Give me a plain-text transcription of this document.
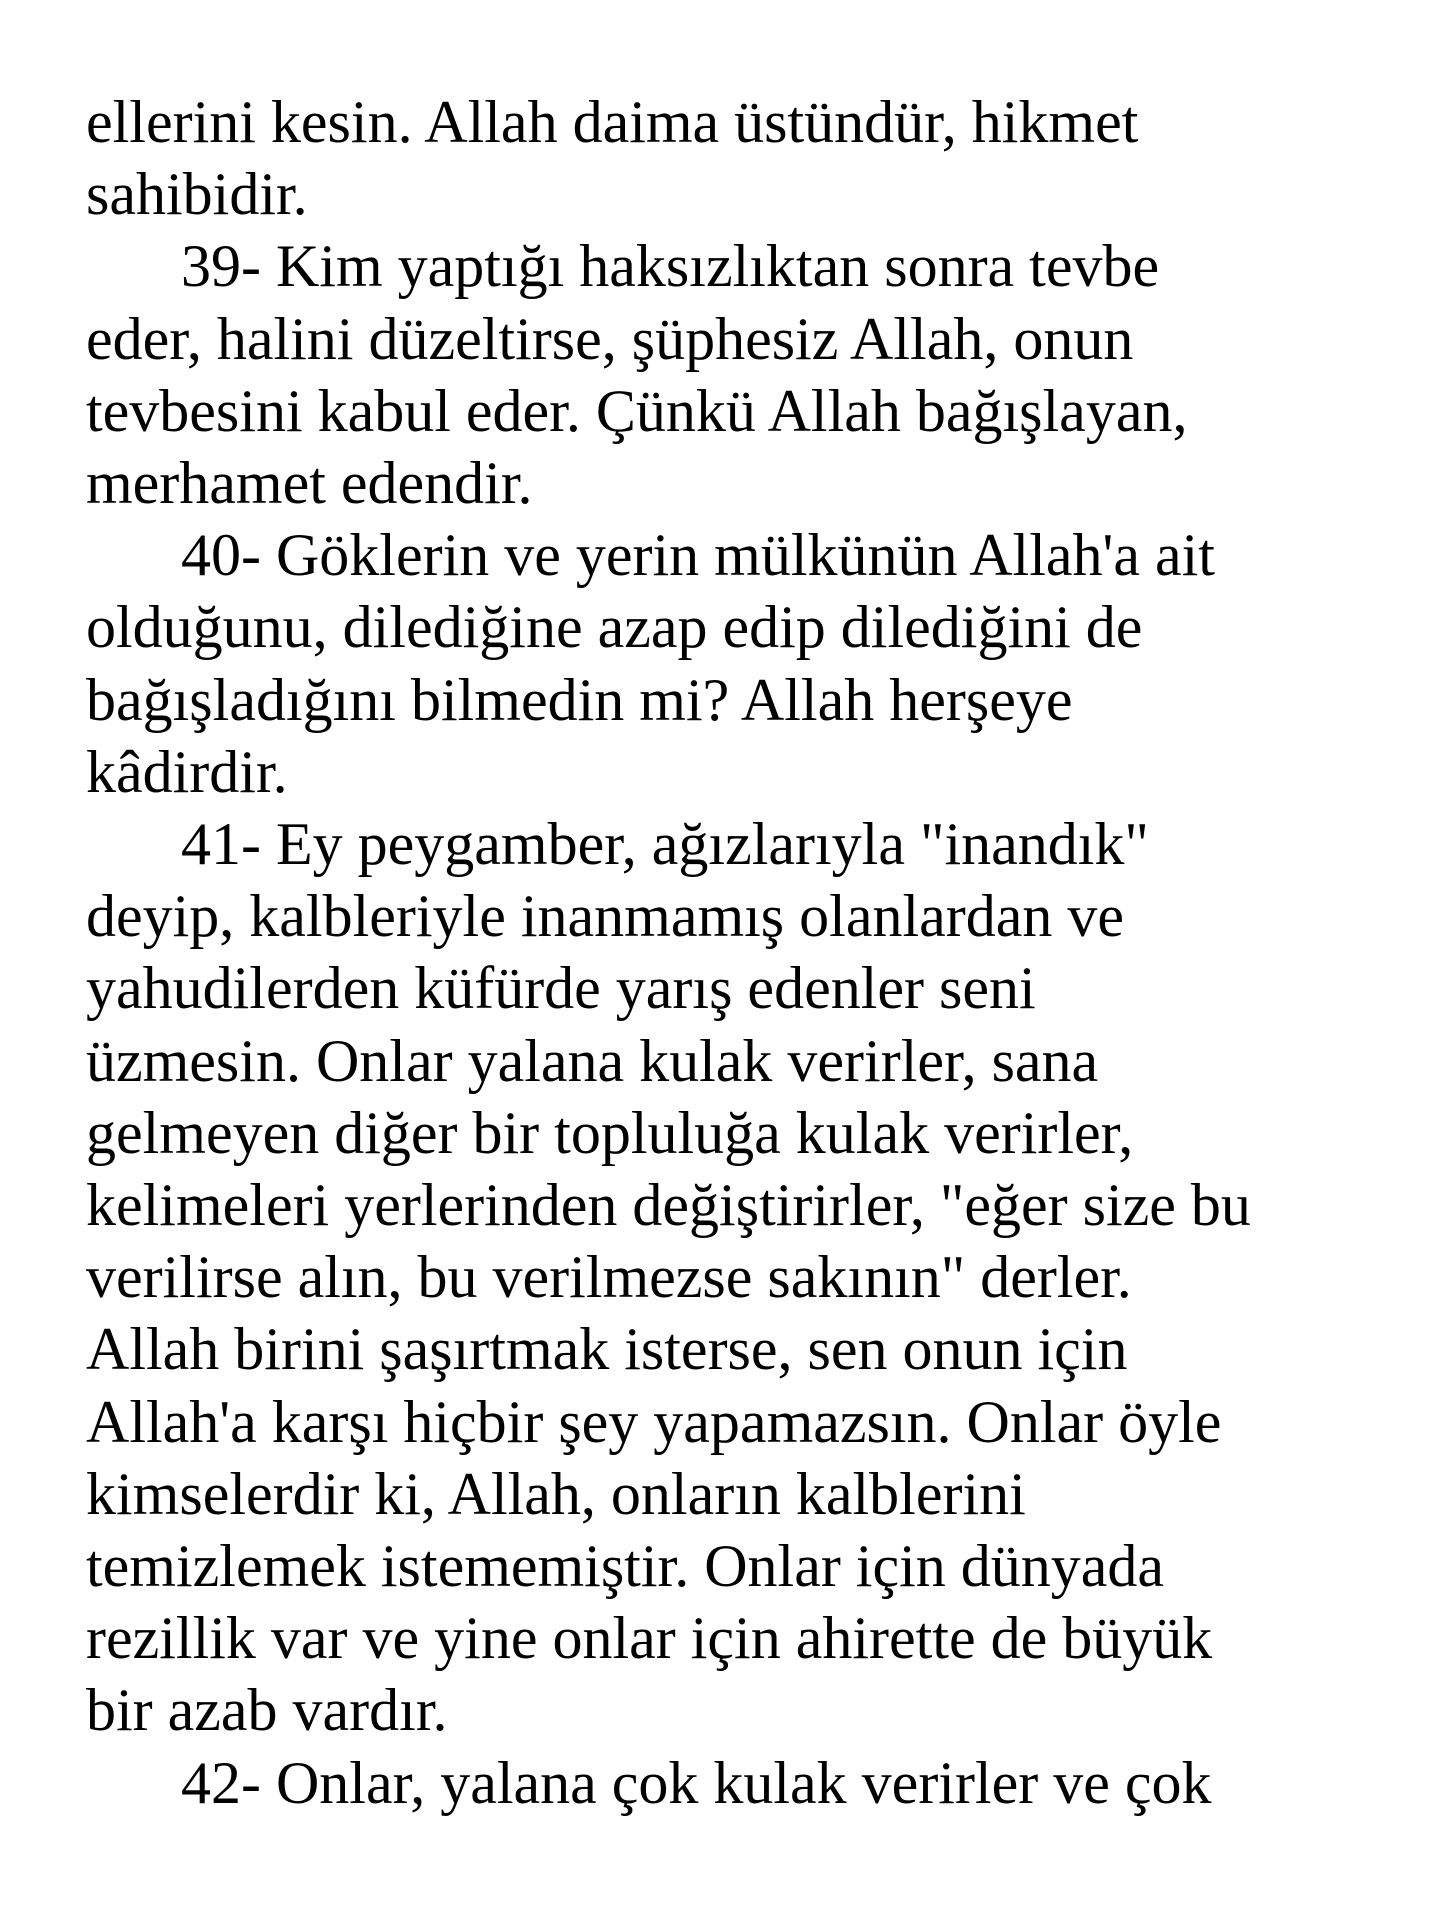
ellerini kesin. Allah daima üstündür, hikmet
sahibidir.
39- Kim yaptığı haksızlıktan sonra tevbe
eder, halini düzeltirse, şüphesiz Allah, onun
tevbesini kabul eder. Çünkü Allah bağışlayan,
merhamet edendir.
40- Göklerin ve yerin mülkünün Allah'a ait
olduğunu, dilediğine azap edip dilediğini de
bağışladığını bilmedin mi? Allah herşeye
kâdirdir.
41- Ey peygamber, ağızlarıyla "inandık"
deyip, kalbleriyle inanmamış olanlardan ve
yahudilerden küfürde yarış edenler seni
üzmesin. Onlar yalana kulak verirler, sana
gelmeyen diğer bir topluluğa kulak verirler,
kelimeleri yerlerinden değiştirirler, "eğer size bu
verilirse alın, bu verilmezse sakının" derler.
Allah birini şaşırtmak isterse, sen onun için
Allah'a karşı hiçbir şey yapamazsın. Onlar öyle
kimselerdir ki, Allah, onların kalblerini
temizlemek istememiştir. Onlar için dünyada
rezillik var ve yine onlar için ahirette de büyük
bir azab vardır.
42- Onlar, yalana çok kulak verirler ve çok
